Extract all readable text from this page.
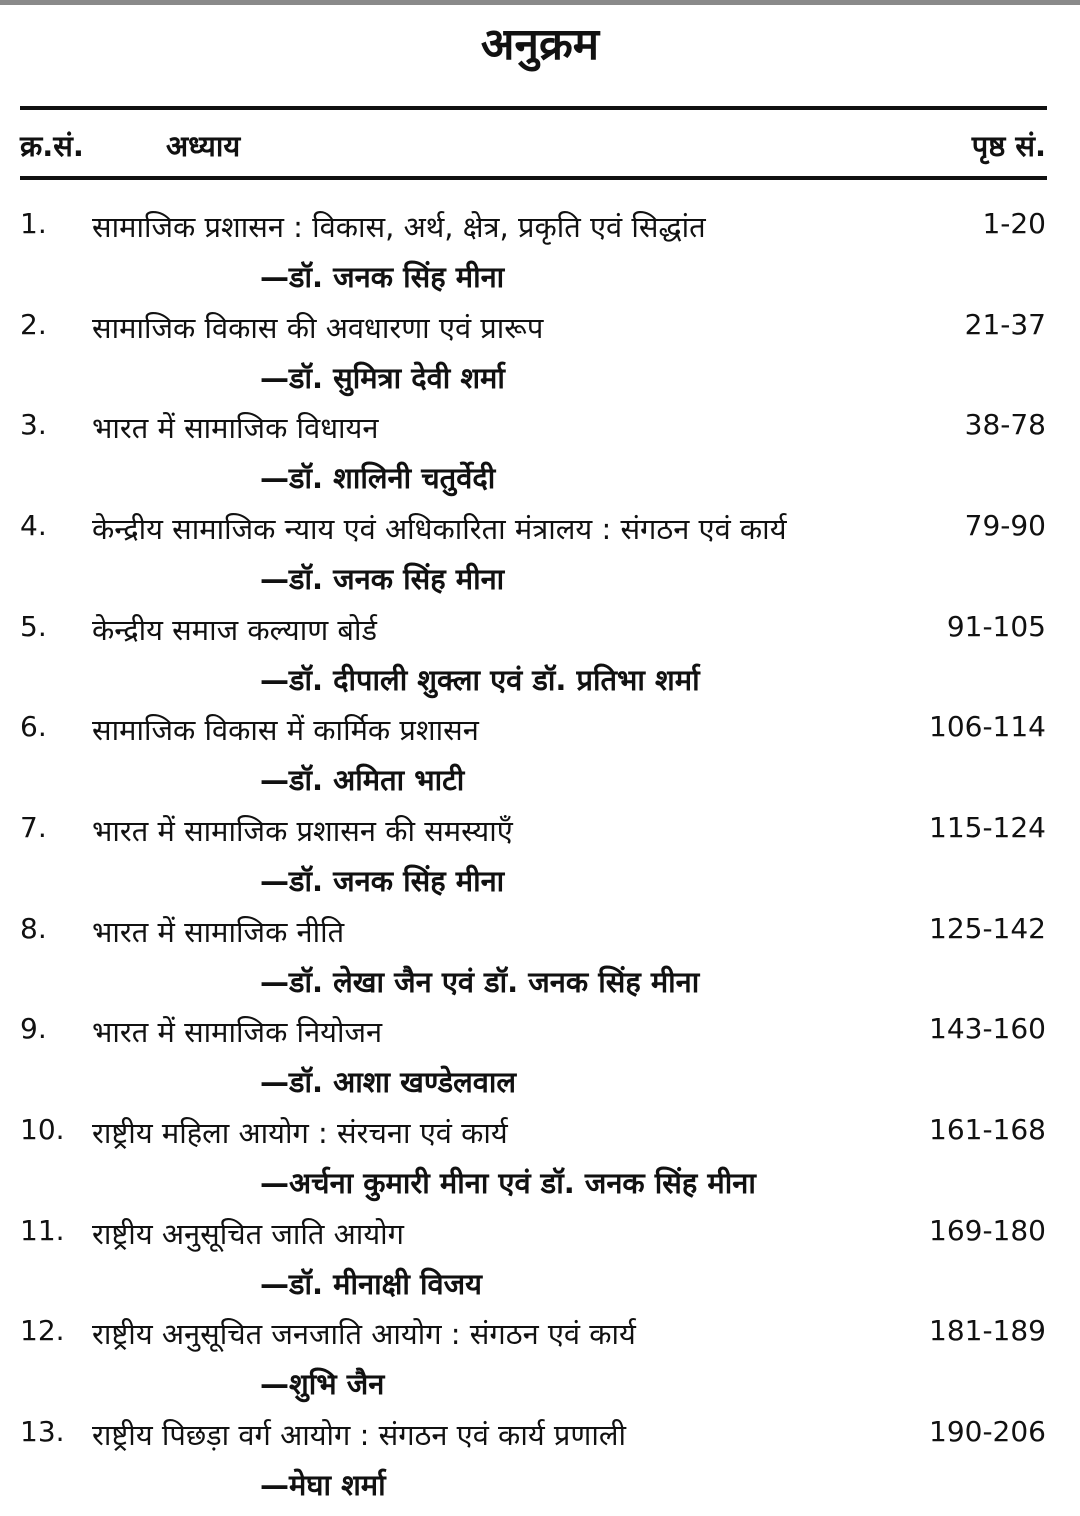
अनुक्रम
क्र.सं.	अध्याय	पृष्ठ सं.
1. सामाजिक प्रशासन : विकास, अर्थ, क्षेत्र, प्रकृति एवं सिद्धांत	1-20
—डॉ. जनक सिंह मीना
2. सामाजिक विकास की अवधारणा एवं प्रारूप	21-37
—डॉ. सुमित्रा देवी शर्मा
3. भारत में सामाजिक विधायन	38-78
—डॉ. शालिनी चतुर्वेदी
4. केन्द्रीय सामाजिक न्याय एवं अधिकारिता मंत्रालय : संगठन एवं कार्य	79-90
—डॉ. जनक सिंह मीना
5. केन्द्रीय समाज कल्याण बोर्ड	91-105
—डॉ. दीपाली शुक्ला एवं डॉ. प्रतिभा शर्मा
6. सामाजिक विकास में कार्मिक प्रशासन	106-114
—डॉ. अमिता भाटी
7. भारत में सामाजिक प्रशासन की समस्याएँ	115-124
—डॉ. जनक सिंह मीना
8. भारत में सामाजिक नीति	125-142
—डॉ. लेखा जैन एवं डॉ. जनक सिंह मीना
9. भारत में सामाजिक नियोजन	143-160
—डॉ. आशा खण्डेलवाल
10. राष्ट्रीय महिला आयोग : संरचना एवं कार्य	161-168
—अर्चना कुमारी मीना एवं डॉ. जनक सिंह मीना
11. राष्ट्रीय अनुसूचित जाति आयोग	169-180
—डॉ. मीनाक्षी विजय
12. राष्ट्रीय अनुसूचित जनजाति आयोग : संगठन एवं कार्य	181-189
—शुभि जैन
13. राष्ट्रीय पिछड़ा वर्ग आयोग : संगठन एवं कार्य प्रणाली	190-206
—मेघा शर्मा
